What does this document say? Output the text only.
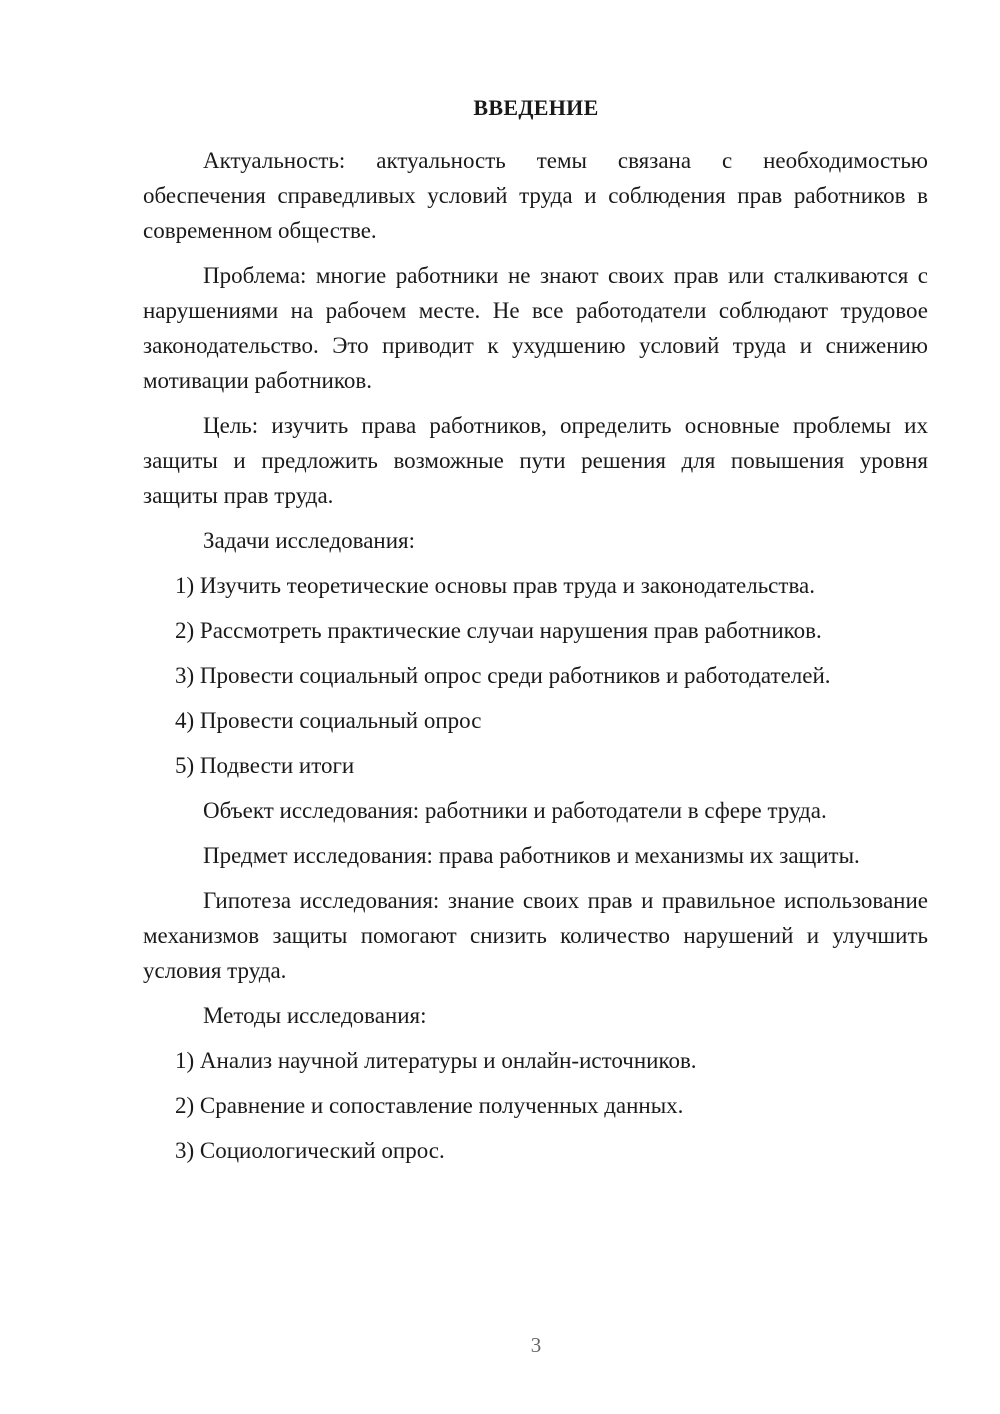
ВВЕДЕНИЕ

Актуальность: актуальность темы связана с необходимостью обеспечения справедливых условий труда и соблюдения прав работников в современном обществе.

Проблема: многие работники не знают своих прав или сталкиваются с нарушениями на рабочем месте. Не все работодатели соблюдают трудовое законодательство. Это приводит к ухудшению условий труда и снижению мотивации работников.

Цель: изучить права работников, определить основные проблемы их защиты и предложить возможные пути решения для повышения уровня защиты прав труда.

Задачи исследования:

1) Изучить теоретические основы прав труда и законодательства.

2) Рассмотреть практические случаи нарушения прав работников.

3) Провести социальный опрос среди работников и работодателей.

4) Провести социальный опрос

5) Подвести итоги

Объект исследования: работники и работодатели в сфере труда.

Предмет исследования: права работников и механизмы их защиты.

Гипотеза исследования: знание своих прав и правильное использование механизмов защиты помогают снизить количество нарушений и улучшить условия труда.

Методы исследования:

1) Анализ научной литературы и онлайн-источников.

2) Сравнение и сопоставление полученных данных.

3) Социологический опрос.

3
